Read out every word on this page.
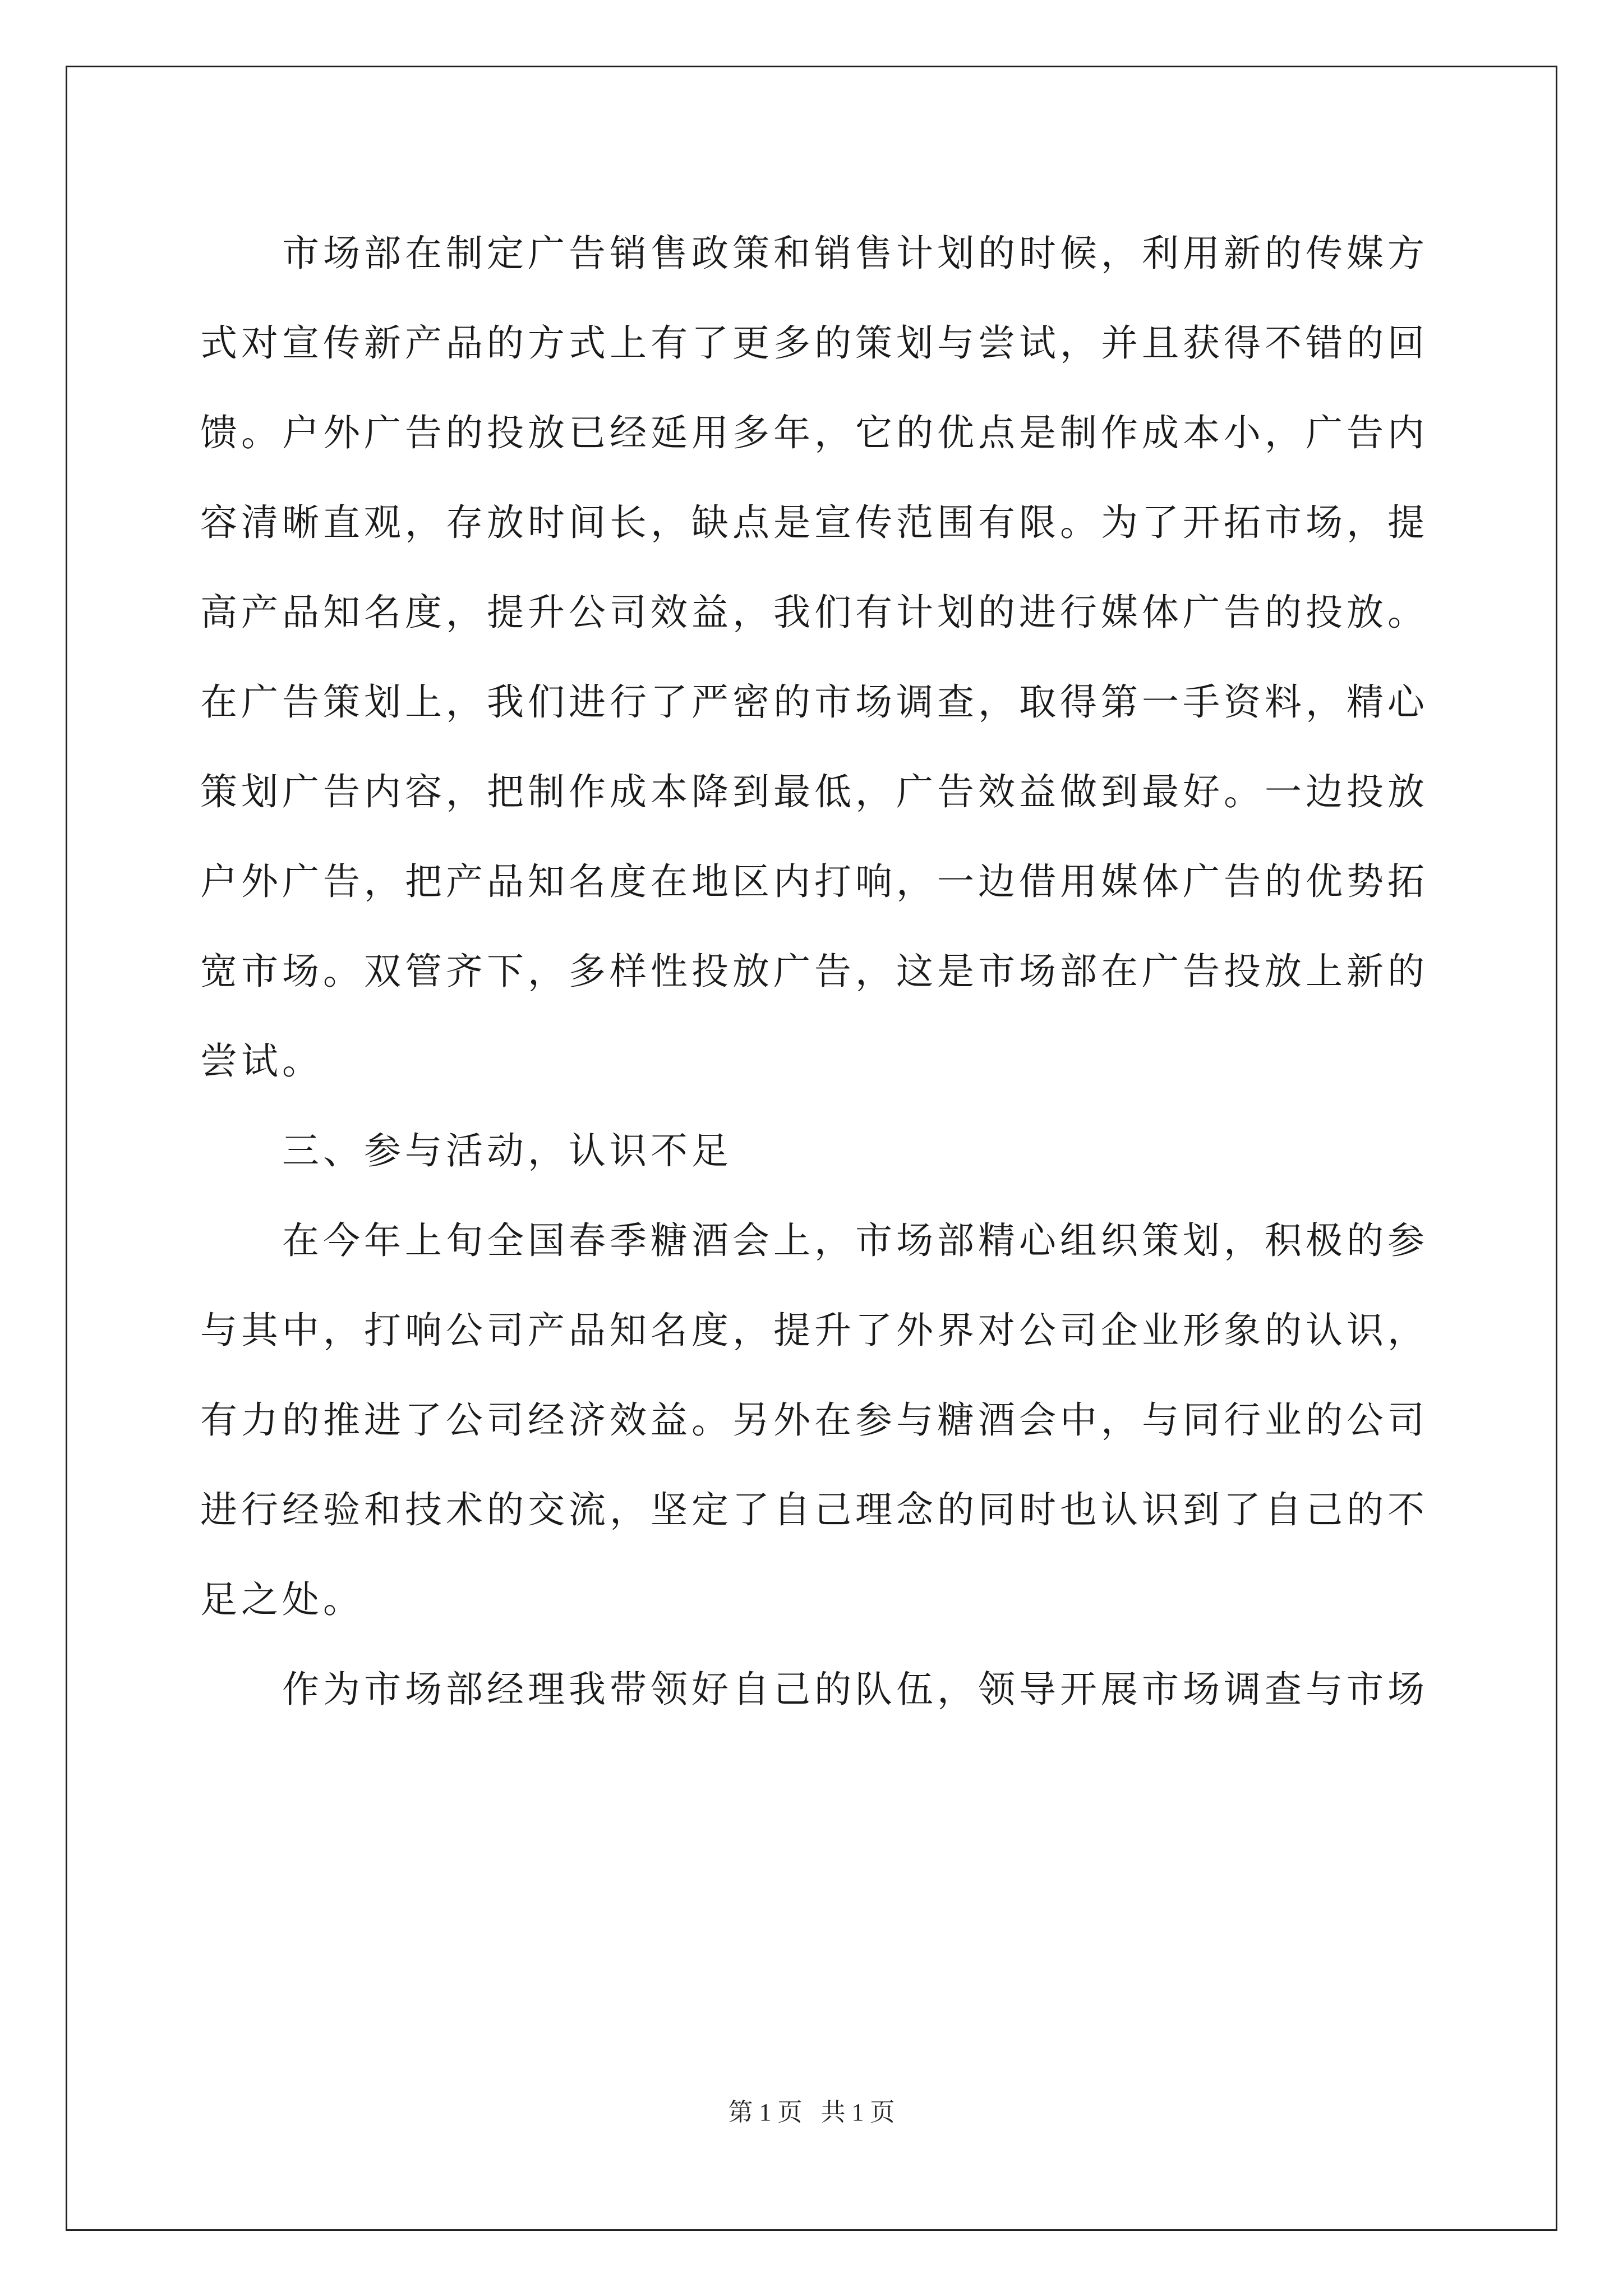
市场部在制定广告销售政策和销售计划的时候，利用新的传媒方
式对宣传新产品的方式上有了更多的策划与尝试，并且获得不错的回
馈。户外广告的投放已经延用多年，它的优点是制作成本小，广告内
容清晰直观，存放时间长，缺点是宣传范围有限。为了开拓市场，提
高产品知名度，提升公司效益，我们有计划的进行媒体广告的投放。
在广告策划上，我们进行了严密的市场调查，取得第一手资料，精心
策划广告内容，把制作成本降到最低，广告效益做到最好。一边投放
户外广告，把产品知名度在地区内打响，一边借用媒体广告的优势拓
宽市场。双管齐下，多样性投放广告，这是市场部在广告投放上新的
尝试。
三、参与活动，认识不足
在今年上旬全国春季糖酒会上，市场部精心组织策划，积极的参
与其中，打响公司产品知名度，提升了外界对公司企业形象的认识，
有力的推进了公司经济效益。另外在参与糖酒会中，与同行业的公司
进行经验和技术的交流，坚定了自己理念的同时也认识到了自己的不
足之处。
作为市场部经理我带领好自己的队伍，领导开展市场调查与市场
第 1 页 共 1 页
